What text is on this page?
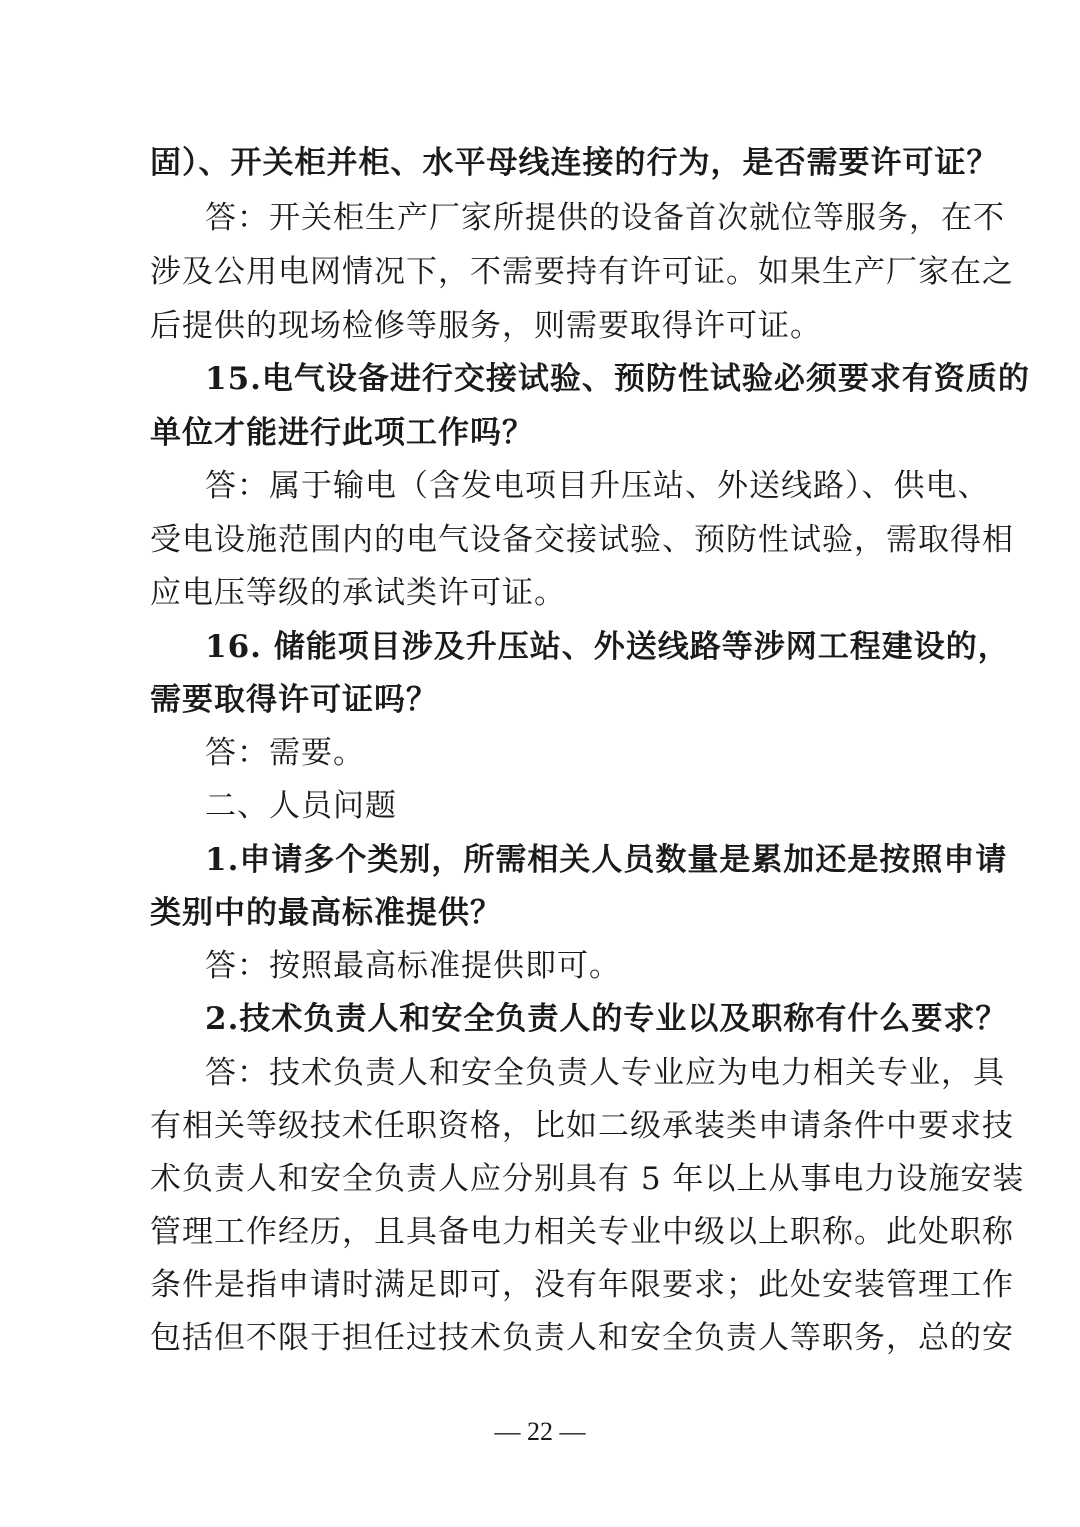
固）、开关柜并柜、水平母线连接的行为，是否需要许可证？
答：开关柜生产厂家所提供的设备首次就位等服务，在不
涉及公用电网情况下，不需要持有许可证。如果生产厂家在之
后提供的现场检修等服务，则需要取得许可证。
15.电气设备进行交接试验、预防性试验必须要求有资质的
单位才能进行此项工作吗？
答：属于输电（含发电项目升压站、外送线路）、供电、
受电设施范围内的电气设备交接试验、预防性试验，需取得相
应电压等级的承试类许可证。
16. 储能项目涉及升压站、外送线路等涉网工程建设的，
需要取得许可证吗？
答：需要。
二、人员问题
1.申请多个类别，所需相关人员数量是累加还是按照申请
类别中的最高标准提供？
答：按照最高标准提供即可。
2.技术负责人和安全负责人的专业以及职称有什么要求？
答：技术负责人和安全负责人专业应为电力相关专业，具
有相关等级技术任职资格，比如二级承装类申请条件中要求技
术负责人和安全负责人应分别具有 5 年以上从事电力设施安装
管理工作经历，且具备电力相关专业中级以上职称。此处职称
条件是指申请时满足即可，没有年限要求；此处安装管理工作
包括但不限于担任过技术负责人和安全负责人等职务，总的安
— 22 —
